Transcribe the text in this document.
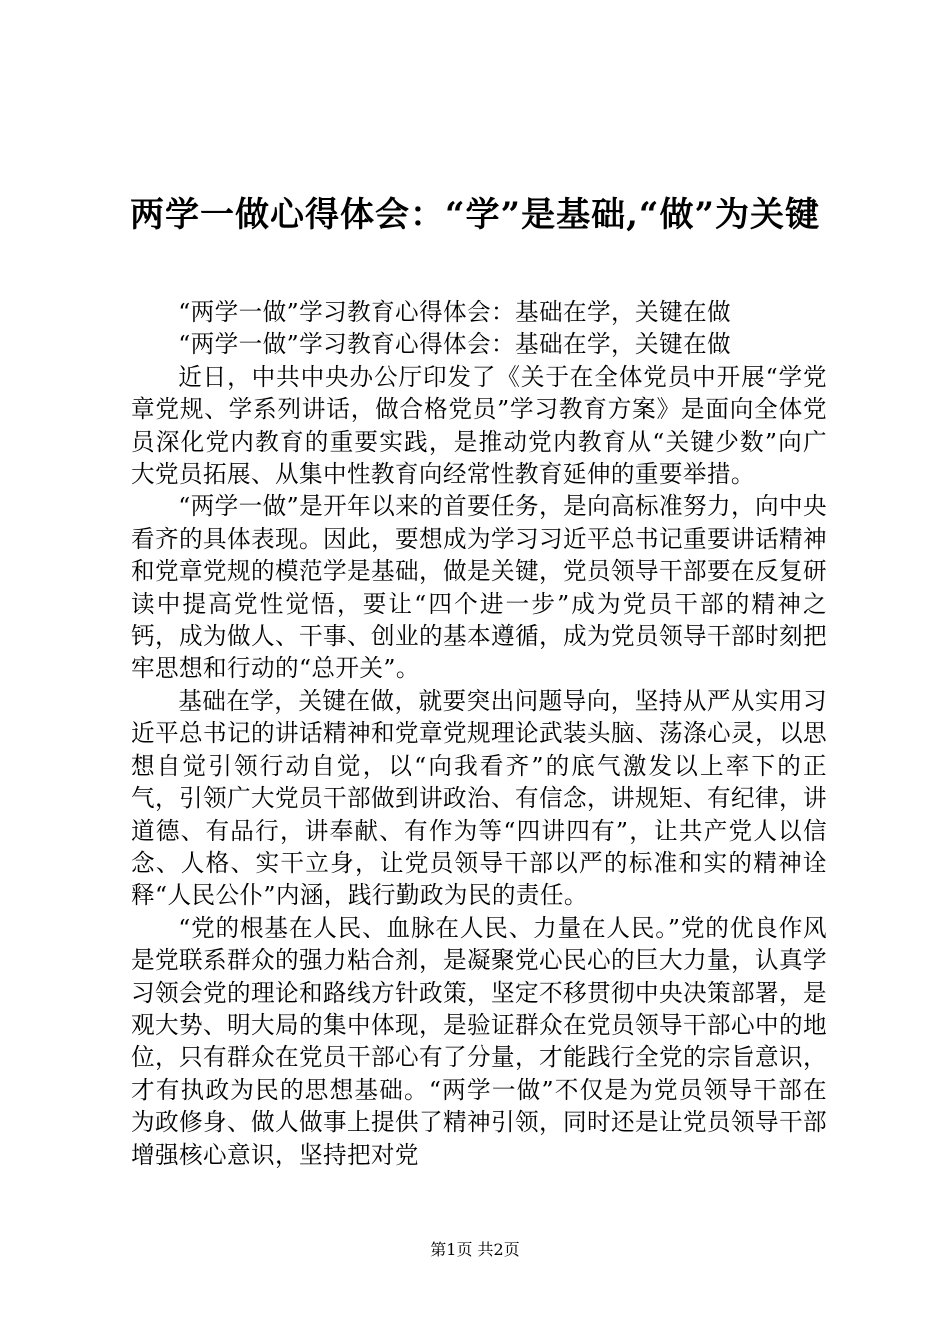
两学一做心得体会：“学”是基础,“做”为关键

“两学一做”学习教育心得体会：基础在学，关键在做

“两学一做”学习教育心得体会：基础在学，关键在做

近日，中共中央办公厅印发了《关于在全体党员中开展“学党章党规、学系列讲话，做合格党员”学习教育方案》是面向全体党员深化党内教育的重要实践，是推动党内教育从“关键少数”向广大党员拓展、从集中性教育向经常性教育延伸的重要举措。

“两学一做”是开年以来的首要任务，是向高标准努力，向中央看齐的具体表现。因此，要想成为学习习近平总书记重要讲话精神和党章党规的模范学是基础，做是关键，党员领导干部要在反复研读中提高党性觉悟，要让“四个进一步”成为党员干部的精神之钙，成为做人、干事、创业的基本遵循，成为党员领导干部时刻把牢思想和行动的“总开关”。

基础在学，关键在做，就要突出问题导向，坚持从严从实用习近平总书记的讲话精神和党章党规理论武装头脑、荡涤心灵，以思想自觉引领行动自觉，以“向我看齐”的底气激发以上率下的正气，引领广大党员干部做到讲政治、有信念，讲规矩、有纪律，讲道德、有品行，讲奉献、有作为等“四讲四有”，让共产党人以信念、人格、实干立身，让党员领导干部以严的标准和实的精神诠释“人民公仆”内涵，践行勤政为民的责任。

“党的根基在人民、血脉在人民、力量在人民。”党的优良作风是党联系群众的强力粘合剂，是凝聚党心民心的巨大力量，认真学习领会党的理论和路线方针政策，坚定不移贯彻中央决策部署，是观大势、明大局的集中体现，是验证群众在党员领导干部心中的地位，只有群众在党员干部心有了分量，才能践行全党的宗旨意识，才有执政为民的思想基础。“两学一做”不仅是为党员领导干部在为政修身、做人做事上提供了精神引领，同时还是让党员领导干部增强核心意识，坚持把对党

第1页 共2页
